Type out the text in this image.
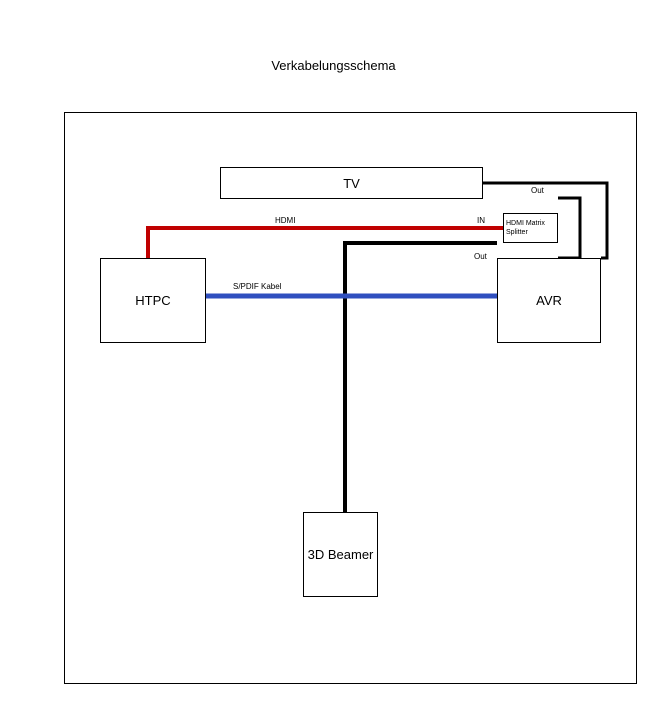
Verkabelungsschema
TV
HTPC	AVR
3D Beamer
HDMI Matrix
Splitter
HDMI	IN
S/PDIF Kabel
Out
Out
